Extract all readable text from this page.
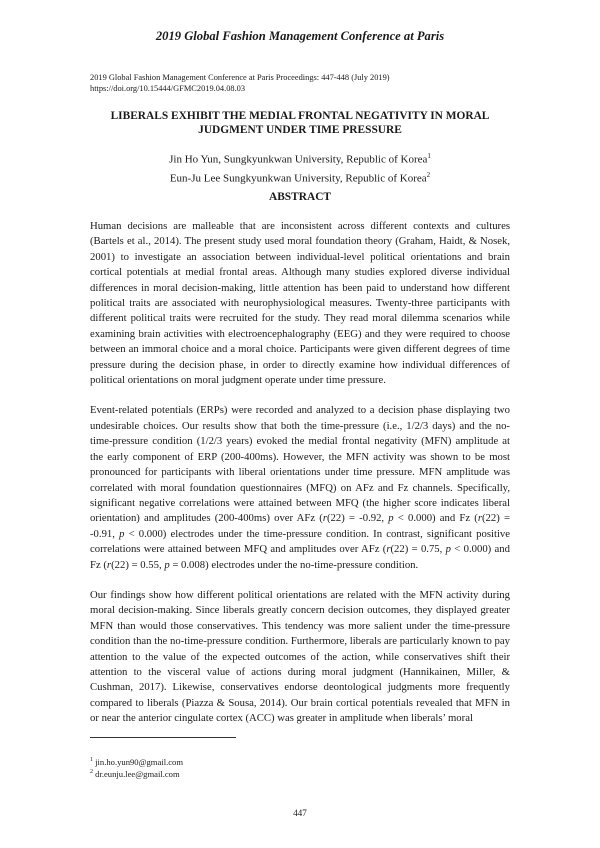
2019 Global Fashion Management Conference at Paris
2019 Global Fashion Management Conference at Paris Proceedings: 447-448 (July 2019)
https://doi.org/10.15444/GFMC2019.04.08.03
LIBERALS EXHIBIT THE MEDIAL FRONTAL NEGATIVITY IN MORAL
JUDGMENT UNDER TIME PRESSURE
Jin Ho Yun, Sungkyunkwan University, Republic of Korea$^1$
Eun-Ju Lee Sungkyunkwan University, Republic of Korea$^2$
ABSTRACT

Human decisions are malleable that are inconsistent across different contexts and cultures (Bartels et al., 2014). The present study used moral foundation theory (Graham, Haidt, & Nosek, 2001) to investigate an association between individual-level political orientations and brain cortical potentials at medial frontal areas. Although many studies explored diverse individual differences in moral decision-making, little attention has been paid to understand how different political traits are associated with neurophysiological measures. Twenty-three participants with different political traits were recruited for the study. They read moral dilemma scenarios while examining brain activities with electroencephalography (EEG) and they were required to choose between an immoral choice and a moral choice. Participants were given different degrees of time pressure during the decision phase, in order to directly examine how individual differences of political orientations on moral judgment operate under time pressure.

Event-related potentials (ERPs) were recorded and analyzed to a decision phase displaying two undesirable choices. Our results show that both the time-pressure (i.e., 1/2/3 days) and the no-time-pressure condition (1/2/3 years) evoked the medial frontal negativity (MFN) amplitude at the early component of ERP (200-400ms). However, the MFN activity was shown to be most pronounced for participants with liberal orientations under time pressure. MFN amplitude was correlated with moral foundation questionnaires (MFQ) on AFz and Fz channels. Specifically, significant negative correlations were attained between MFQ (the higher score indicates liberal orientation) and amplitudes (200-400ms) over AFz (r(22) = -0.92, p < 0.000) and Fz (r(22) = -0.91, p < 0.000) electrodes under the time-pressure condition. In contrast, significant positive correlations were attained between MFQ and amplitudes over AFz (r(22) = 0.75, p < 0.000) and Fz (r(22) = 0.55, p = 0.008) electrodes under the no-time-pressure condition.

Our findings show how different political orientations are related with the MFN activity during moral decision-making. Since liberals greatly concern decision outcomes, they displayed greater MFN than would those conservatives. This tendency was more salient under the time-pressure condition than the no-time-pressure condition. Furthermore, liberals are particularly known to pay attention to the value of the expected outcomes of the action, while conservatives shift their attention to the visceral value of actions during moral judgment (Hannikainen, Miller, & Cushman, 2017). Likewise, conservatives endorse deontological judgments more frequently compared to liberals (Piazza & Sousa, 2014). Our brain cortical potentials revealed that MFN in or near the anterior cingulate cortex (ACC) was greater in amplitude when liberals’ moral

$^1$ jin.ho.yun90@gmail.com
$^2$ dr.eunju.lee@gmail.com
447
